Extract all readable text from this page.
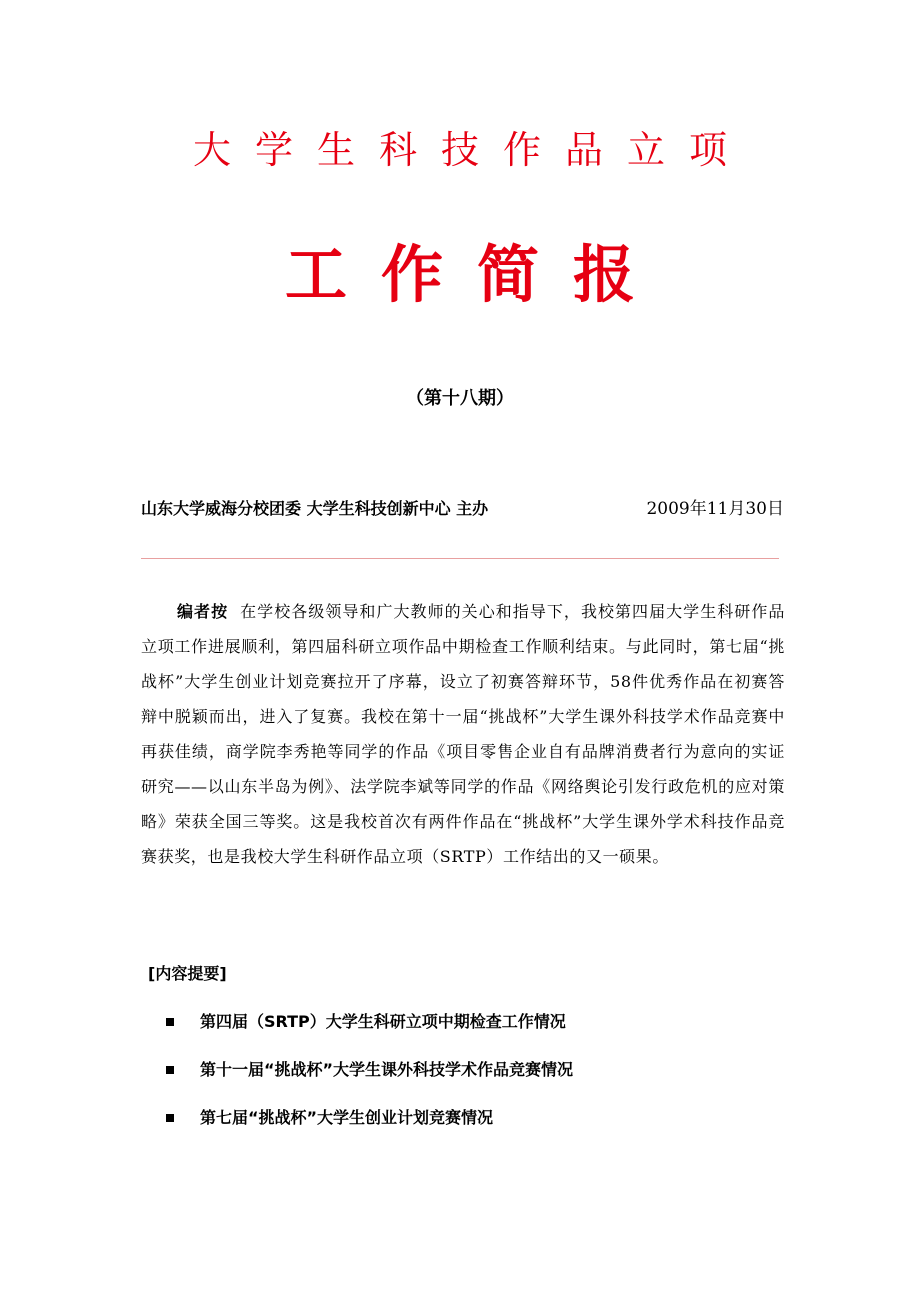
大学生科技作品立项
工作简报
（第十八期）
山东大学威海分校团委 大学生科技创新中心 主办	2009年11月30日
编者按 在学校各级领导和广大教师的关心和指导下，我校第四届大学生科研作品立项工作进展顺利，第四届科研立项作品中期检查工作顺利结束。与此同时，第七届“挑战杯”大学生创业计划竞赛拉开了序幕，设立了初赛答辩环节，58件优秀作品在初赛答辩中脱颖而出，进入了复赛。我校在第十一届“挑战杯”大学生课外科技学术作品竞赛中再获佳绩，商学院李秀艳等同学的作品《项目零售企业自有品牌消费者行为意向的实证研究——以山东半岛为例》、法学院李斌等同学的作品《网络舆论引发行政危机的应对策略》荣获全国三等奖。这是我校首次有两件作品在“挑战杯”大学生课外学术科技作品竞赛获奖，也是我校大学生科研作品立项（SRTP）工作结出的又一硕果。
[内容提要]
第四届（SRTP）大学生科研立项中期检查工作情况
第十一届“挑战杯”大学生课外科技学术作品竞赛情况
第七届“挑战杯”大学生创业计划竞赛情况
